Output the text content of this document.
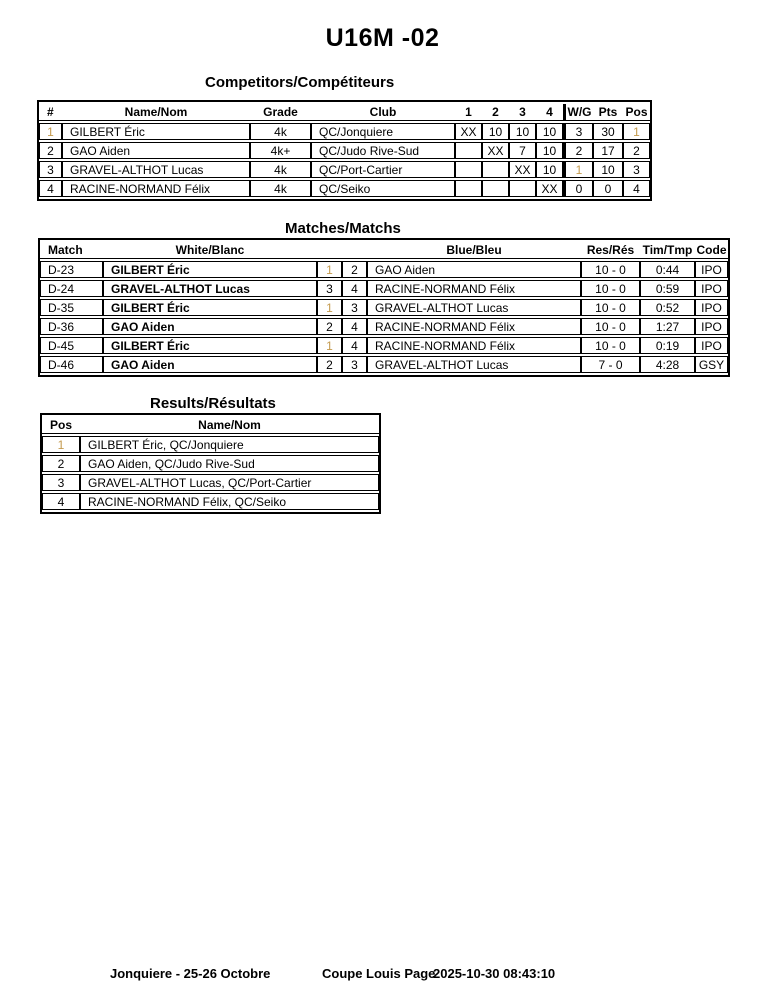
U16M -02
Competitors/Compétiteurs
#	Name/Nom	Grade	Club	1	2	3	4	W/G	Pts	Pos
1	GILBERT Éric	4k	QC/Jonquiere	XX	10	10	10	3	30	1
2	GAO Aiden	4k+	QC/Judo Rive-Sud		XX	7	10	2	17	2
3	GRAVEL-ALTHOT Lucas	4k	QC/Port-Cartier			XX	10	1	10	3
4	RACINE-NORMAND Félix	4k	QC/Seiko				XX	0	0	4
Matches/Matchs
Match	White/Blanc			Blue/Bleu	Res/Rés	Tim/Tmp	Code
D-23	GILBERT Éric	1	2	GAO Aiden	10 - 0	0:44	IPO
D-24	GRAVEL-ALTHOT Lucas	3	4	RACINE-NORMAND Félix	10 - 0	0:59	IPO
D-35	GILBERT Éric	1	3	GRAVEL-ALTHOT Lucas	10 - 0	0:52	IPO
D-36	GAO Aiden	2	4	RACINE-NORMAND Félix	10 - 0	1:27	IPO
D-45	GILBERT Éric	1	4	RACINE-NORMAND Félix	10 - 0	0:19	IPO
D-46	GAO Aiden	2	3	GRAVEL-ALTHOT Lucas	7 - 0	4:28	GSY
Results/Résultats
Pos	Name/Nom
1	GILBERT Éric, QC/Jonquiere
2	GAO Aiden, QC/Judo Rive-Sud
3	GRAVEL-ALTHOT Lucas, QC/Port-Cartier
4	RACINE-NORMAND Félix, QC/Seiko
Jonquiere - 25-26 Octobre	Coupe Louis Page
2025-10-30 08:43:10
